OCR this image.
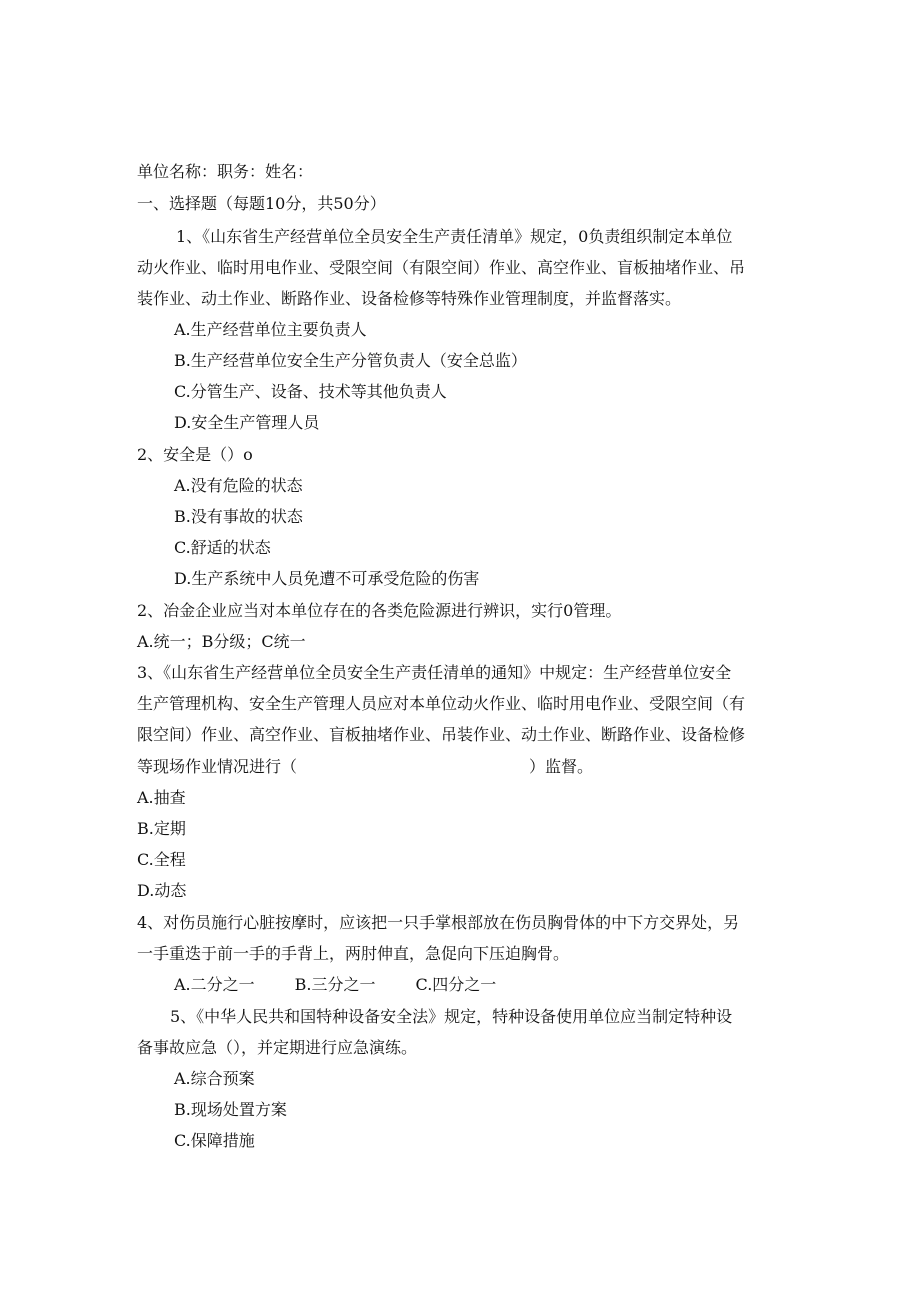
单位名称：职务：姓名：
一、选择题（每题10分，共50分）
1、《山东省生产经营单位全员安全生产责任清单》规定，0负责组织制定本单位
动火作业、临时用电作业、受限空间（有限空间）作业、高空作业、盲板抽堵作业、吊
装作业、动土作业、断路作业、设备检修等特殊作业管理制度，并监督落实。
A.生产经营单位主要负责人
B.生产经营单位安全生产分管负责人（安全总监）
C.分管生产、设备、技术等其他负责人
D.安全生产管理人员
2、安全是（）o
A.没有危险的状态
B.没有事故的状态
C.舒适的状态
D.生产系统中人员免遭不可承受危险的伤害
2、冶金企业应当对本单位存在的各类危险源进行辨识，实行0管理。
A.统一；B分级；C统一
3、《山东省生产经营单位全员安全生产责任清单的通知》中规定：生产经营单位安全
生产管理机构、安全生产管理人员应对本单位动火作业、临时用电作业、受限空间（有
限空间）作业、高空作业、盲板抽堵作业、吊装作业、动土作业、断路作业、设备检修
等现场作业情况进行（	）监督。
A.抽查
B.定期
C.全程
D.动态
4、对伤员施行心脏按摩时，应该把一只手掌根部放在伤员胸骨体的中下方交界处，另
一手重迭于前一手的手背上，两肘伸直，急促向下压迫胸骨。
A.二分之一	B.三分之一	C.四分之一
5、《中华人民共和国特种设备安全法》规定，特种设备使用单位应当制定特种设
备事故应急（），并定期进行应急演练。
A.综合预案
B.现场处置方案
C.保障措施
